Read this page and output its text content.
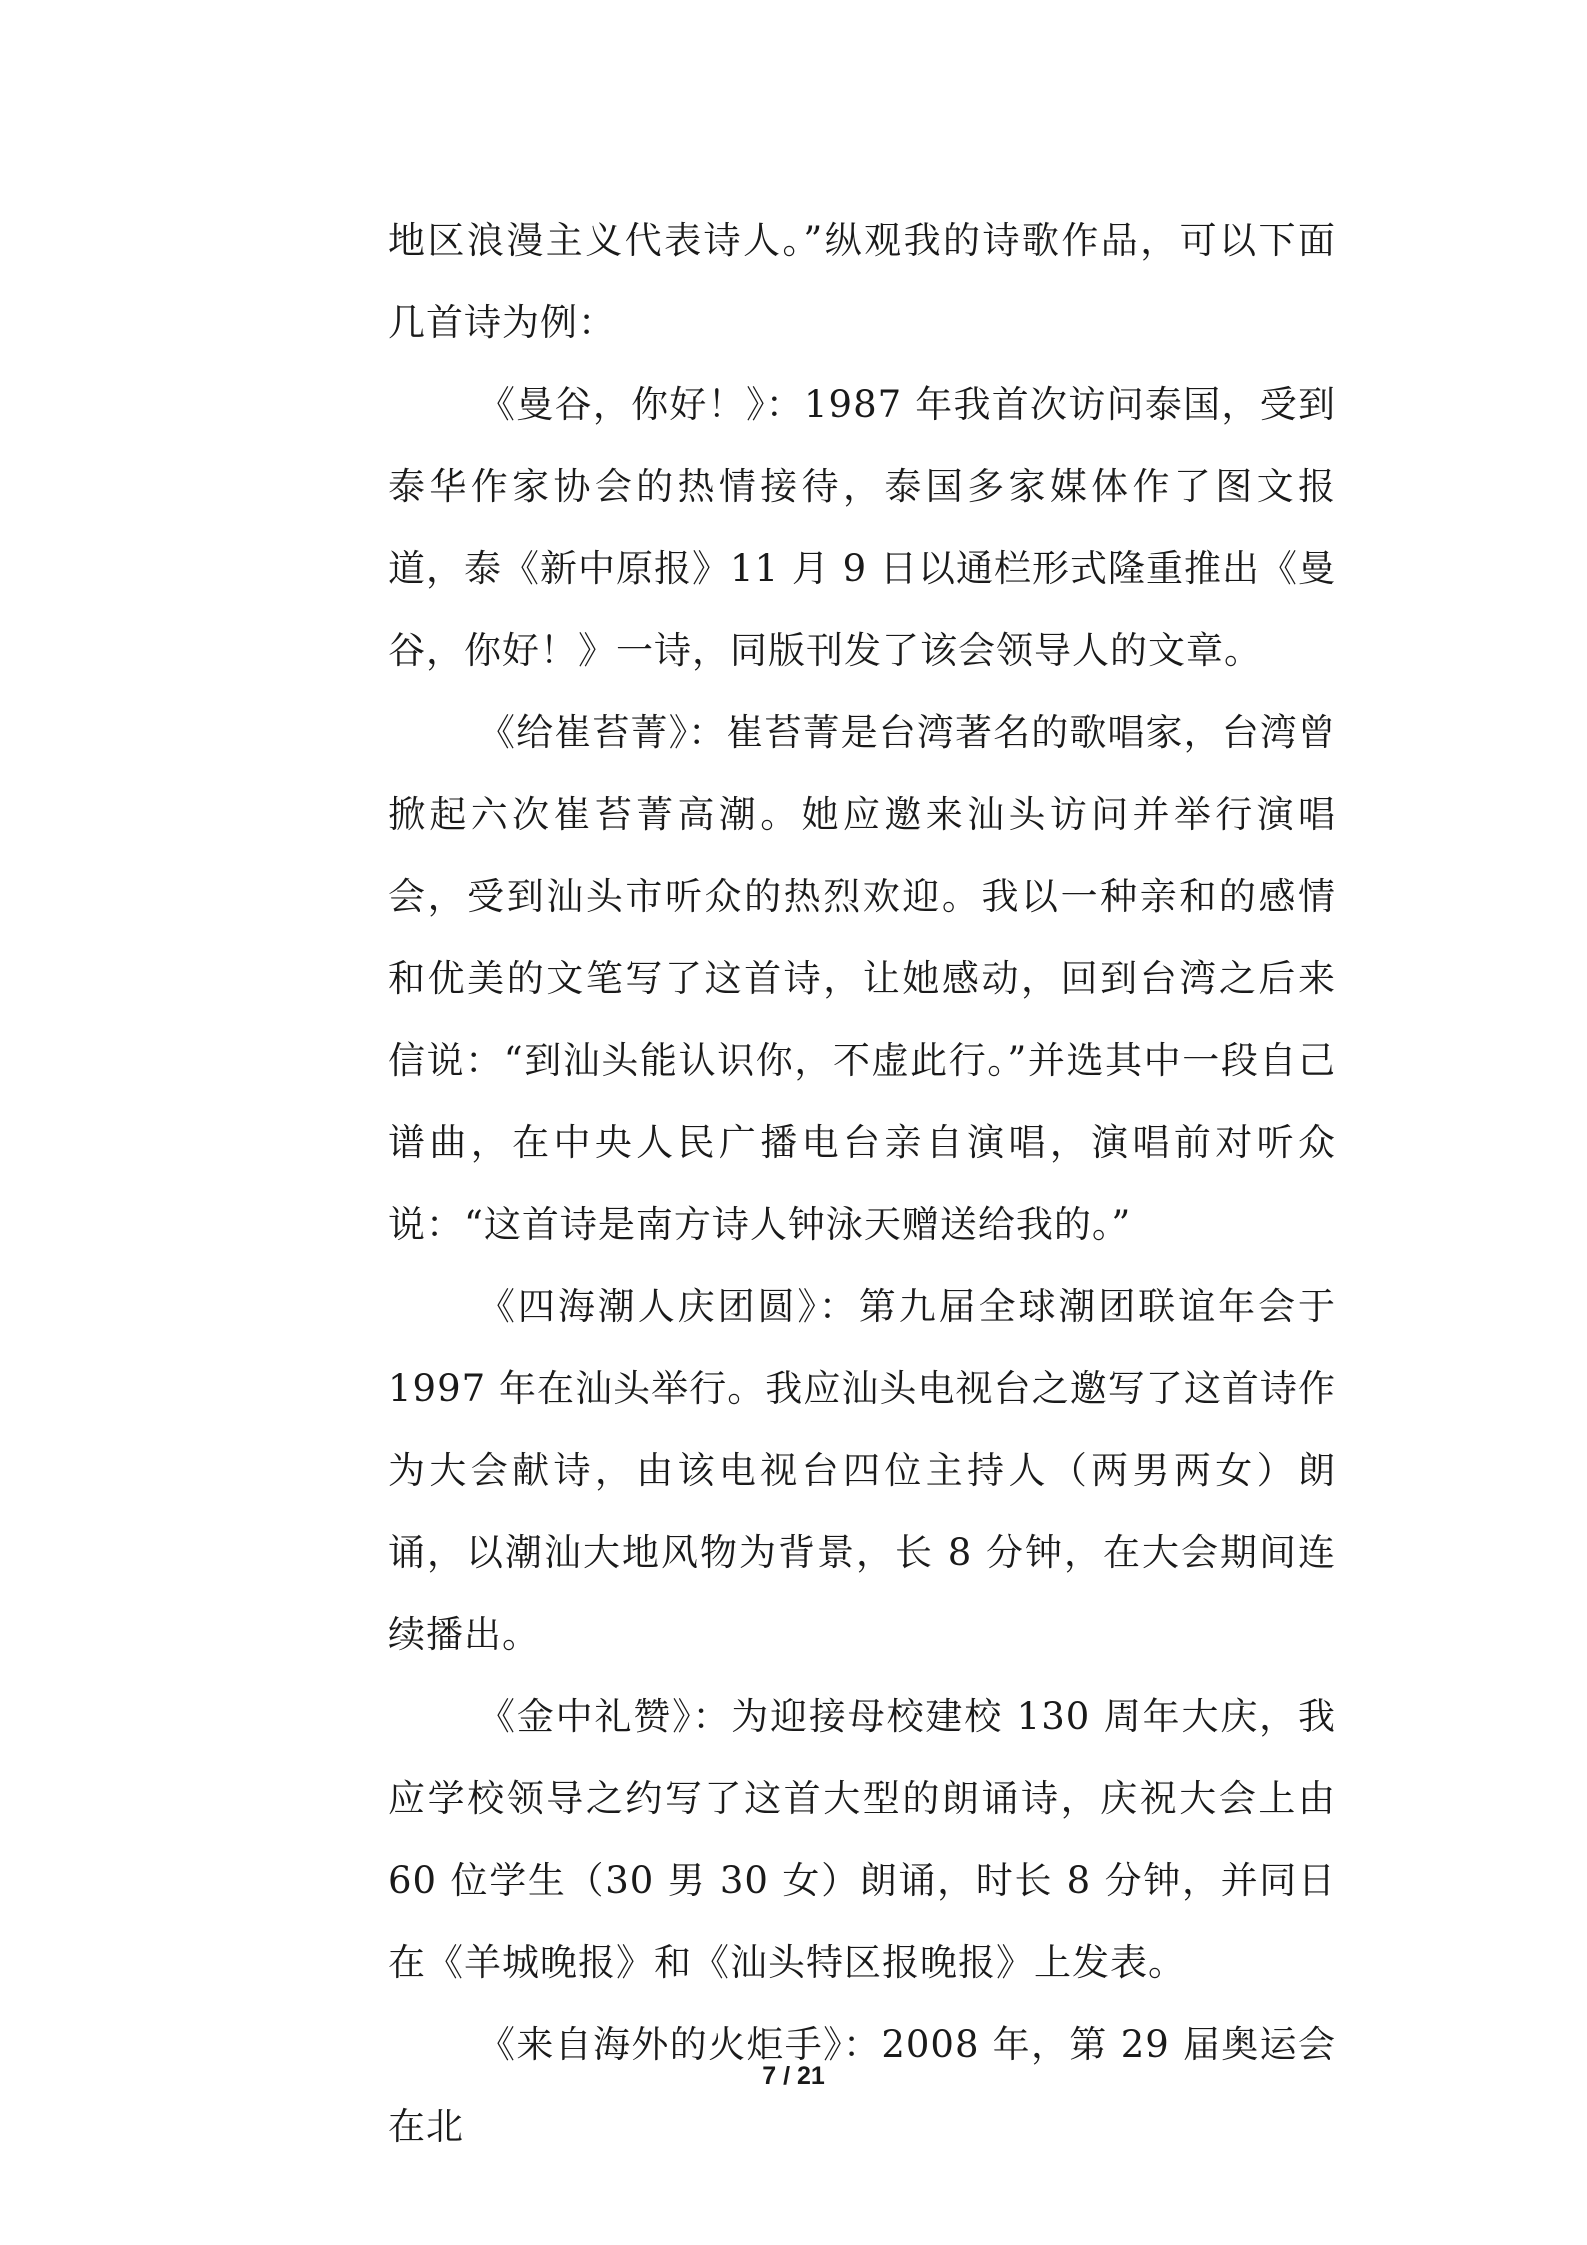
地区浪漫主义代表诗人。”纵观我的诗歌作品，可以下面几首诗为例：

《曼谷，你好！》：1987 年我首次访问泰国，受到泰华作家协会的热情接待，泰国多家媒体作了图文报道，泰《新中原报》11 月 9 日以通栏形式隆重推出《曼谷，你好！》一诗，同版刊发了该会领导人的文章。

《给崔苔菁》：崔苔菁是台湾著名的歌唱家，台湾曾掀起六次崔苔菁高潮。她应邀来汕头访问并举行演唱会，受到汕头市听众的热烈欢迎。我以一种亲和的感情和优美的文笔写了这首诗，让她感动，回到台湾之后来信说：“到汕头能认识你，不虚此行。”并选其中一段自己谱曲，在中央人民广播电台亲自演唱，演唱前对听众说：“这首诗是南方诗人钟泳天赠送给我的。”

《四海潮人庆团圆》：第九届全球潮团联谊年会于 1997 年在汕头举行。我应汕头电视台之邀写了这首诗作为大会献诗，由该电视台四位主持人（两男两女）朗诵，以潮汕大地风物为背景，长 8 分钟，在大会期间连续播出。

《金中礼赞》：为迎接母校建校 130 周年大庆，我应学校领导之约写了这首大型的朗诵诗，庆祝大会上由 60 位学生（30 男 30 女）朗诵，时长 8 分钟，并同日在《羊城晚报》和《汕头特区报晚报》上发表。

《来自海外的火炬手》：2008 年，第 29 届奥运会在北

7 / 21
